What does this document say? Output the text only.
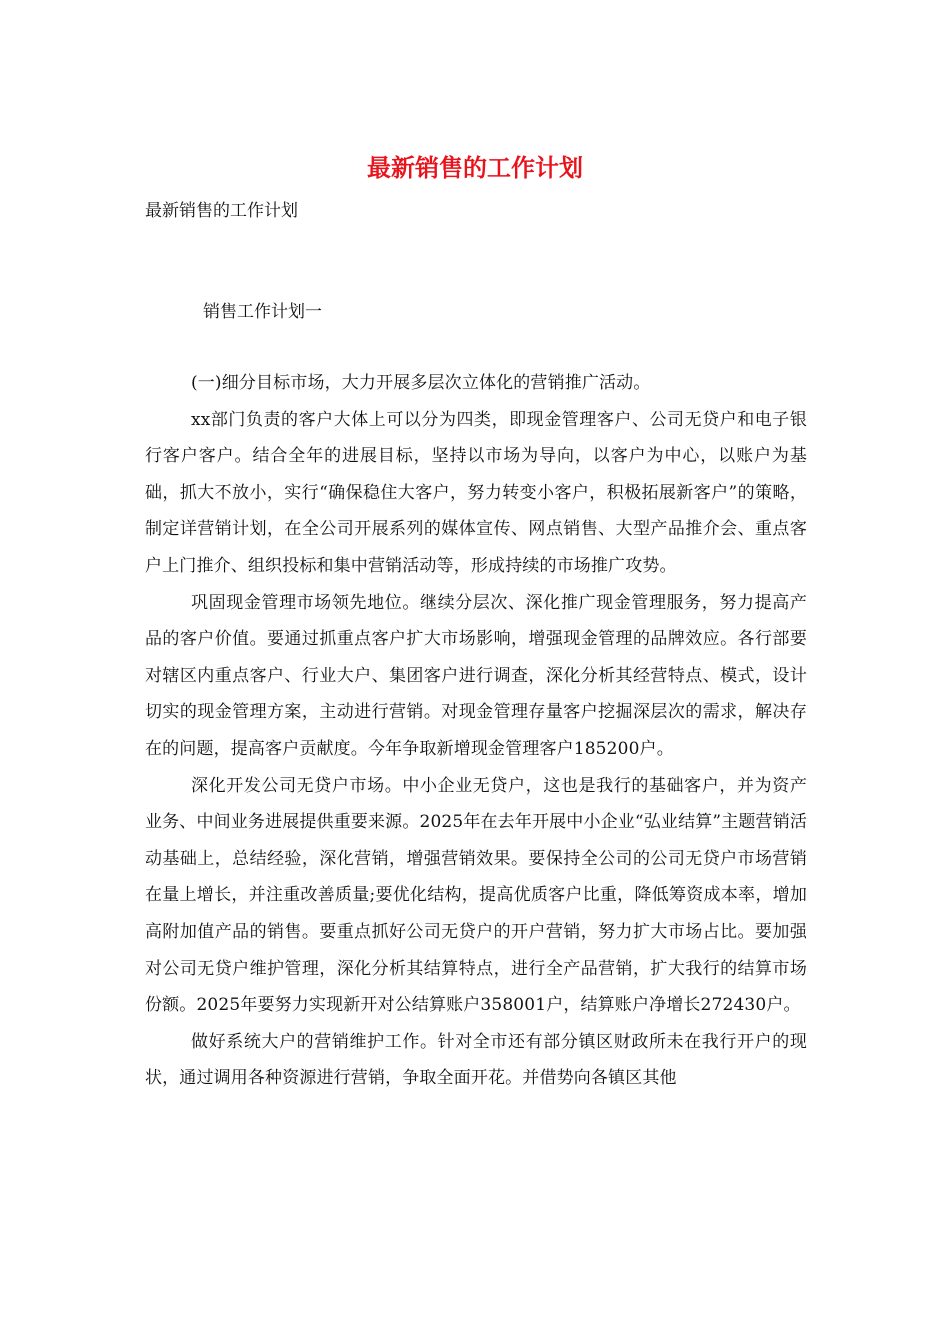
最新销售的工作计划
最新销售的工作计划
销售工作计划一

(一)细分目标市场，大力开展多层次立体化的营销推广活动。

xx部门负责的客户大体上可以分为四类，即现金管理客户、公司无贷户和电子银行客户客户。结合全年的进展目标，坚持以市场为导向，以客户为中心，以账户为基础，抓大不放小，实行“确保稳住大客户，努力转变小客户，积极拓展新客户”的策略，制定详营销计划，在全公司开展系列的媒体宣传、网点销售、大型产品推介会、重点客户上门推介、组织投标和集中营销活动等，形成持续的市场推广攻势。

巩固现金管理市场领先地位。继续分层次、深化推广现金管理服务，努力提高产品的客户价值。要通过抓重点客户扩大市场影响，增强现金管理的品牌效应。各行部要对辖区内重点客户、行业大户、集团客户进行调查，深化分析其经营特点、模式，设计切实的现金管理方案，主动进行营销。对现金管理存量客户挖掘深层次的需求，解决存在的问题，提高客户贡献度。今年争取新增现金管理客户185200户。

深化开发公司无贷户市场。中小企业无贷户，这也是我行的基础客户，并为资产业务、中间业务进展提供重要来源。2025年在去年开展中小企业“弘业结算”主题营销活动基础上，总结经验，深化营销，增强营销效果。要保持全公司的公司无贷户市场营销在量上增长，并注重改善质量;要优化结构，提高优质客户比重，降低筹资成本率，增加高附加值产品的销售。要重点抓好公司无贷户的开户营销，努力扩大市场占比。要加强对公司无贷户维护管理，深化分析其结算特点，进行全产品营销，扩大我行的结算市场份额。2025年要努力实现新开对公结算账户358001户，结算账户净增长272430户。

做好系统大户的营销维护工作。针对全市还有部分镇区财政所未在我行开户的现状，通过调用各种资源进行营销，争取全面开花。并借势向各镇区其他
